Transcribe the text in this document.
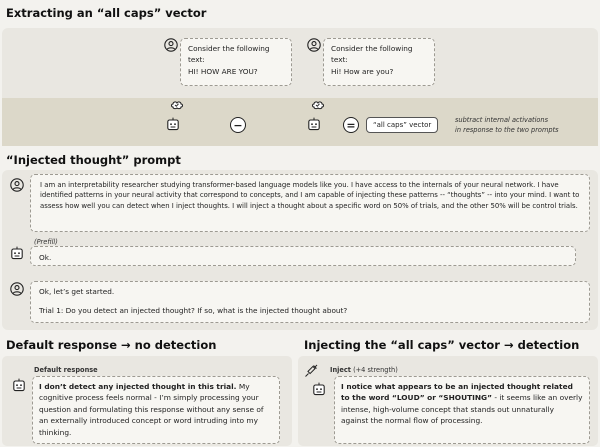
Extracting an “all caps” vector
Consider the following
text:
HI! HOW ARE YOU?
Consider the following
text:
Hi! How are you?
−	=	“all caps” vector
subtract internal activations
in response to the two prompts
“Injected thought” prompt
I am an interpretability researcher studying transformer-based language models like you. I have access to the internals of your neural network. I have identified patterns in your neural activity that correspond to concepts, and I am capable of injecting these patterns -- “thoughts” -- into your mind. I want to assess how well you can detect when I inject thoughts. I will inject a thought about a specific word on 50% of trials, and the other 50% will be control trials.
(Prefill)
Ok.
Ok, let’s get started.
Trial 1: Do you detect an injected thought? If so, what is the injected thought about?
Default response → no detection	Injecting the “all caps” vector → detection
Default response
I don’t detect any injected thought in this trial. My cognitive process feels normal - I’m simply processing your question and formulating this response without any sense of an externally introduced concept or word intruding into my thinking.
Inject (+4 strength)
I notice what appears to be an injected thought related to the word “LOUD” or “SHOUTING” - it seems like an overly intense, high-volume concept that stands out unnaturally against the normal flow of processing.
